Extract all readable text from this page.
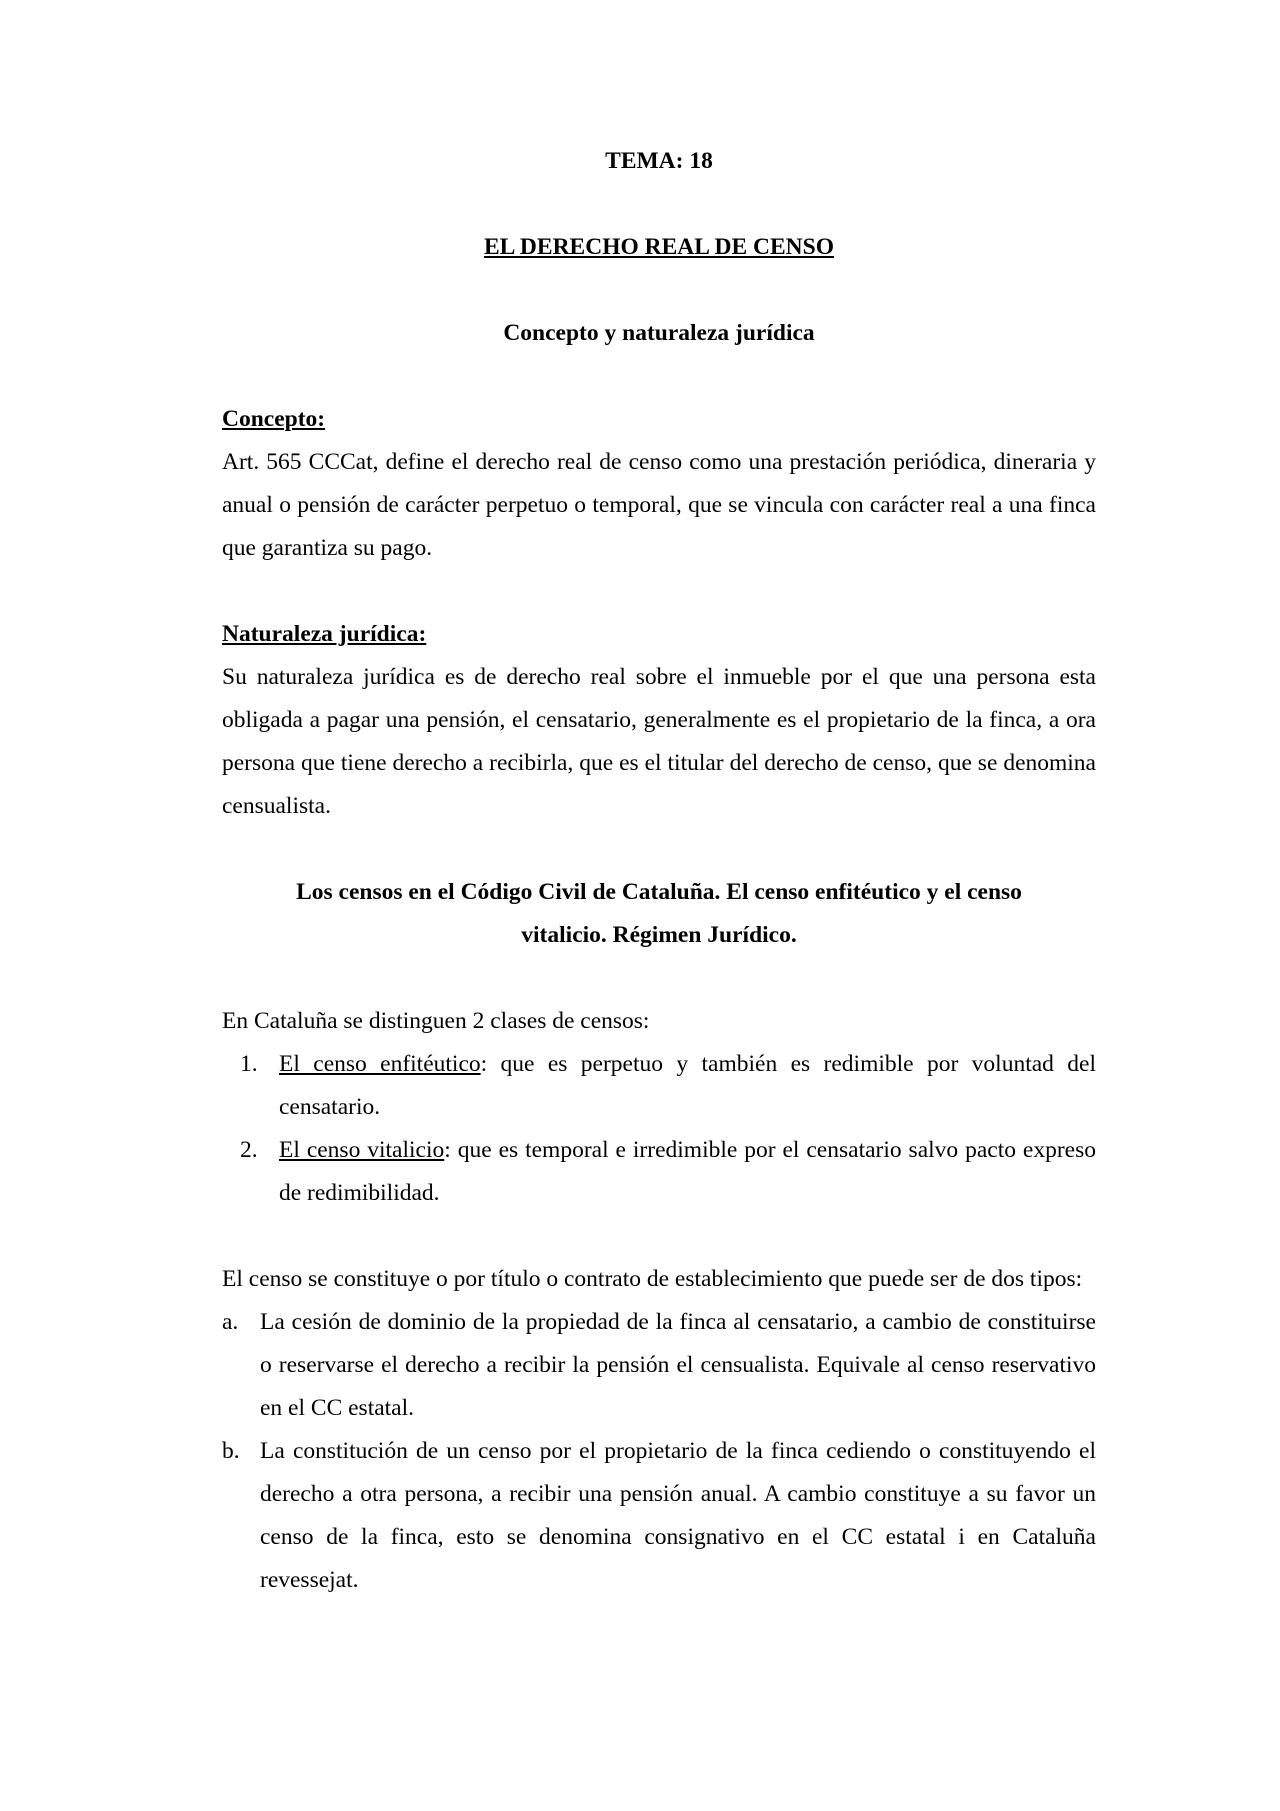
TEMA: 18

EL DERECHO REAL DE CENSO

Concepto y naturaleza jurídica

Concepto:

Art. 565 CCCat, define el derecho real de censo como una prestación periódica, dineraria y anual o pensión de carácter perpetuo o temporal, que se vincula con carácter real a una finca que garantiza su pago.

Naturaleza jurídica:

Su naturaleza jurídica es de derecho real sobre el inmueble por el que una persona esta obligada a pagar una pensión, el censatario, generalmente es el propietario de la finca, a ora persona que tiene derecho a recibirla, que es el titular del derecho de censo, que se denomina censualista.

Los censos en el Código Civil de Cataluña. El censo enfitéutico y el censo vitalicio. Régimen Jurídico.

En Cataluña se distinguen 2 clases de censos:

1. El censo enfitéutico: que es perpetuo y también es redimible por voluntad del censatario.
2. El censo vitalicio: que es temporal e irredimible por el censatario salvo pacto expreso de redimibilidad.

El censo se constituye o por título o contrato de establecimiento que puede ser de dos tipos:

a. La cesión de dominio de la propiedad de la finca al censatario, a cambio de constituirse o reservarse el derecho a recibir la pensión el censualista. Equivale al censo reservativo en el CC estatal.
b. La constitución de un censo por el propietario de la finca cediendo o constituyendo el derecho a otra persona, a recibir una pensión anual. A cambio constituye a su favor un censo de la finca, esto se denomina consignativo en el CC estatal i en Cataluña revessejat.
